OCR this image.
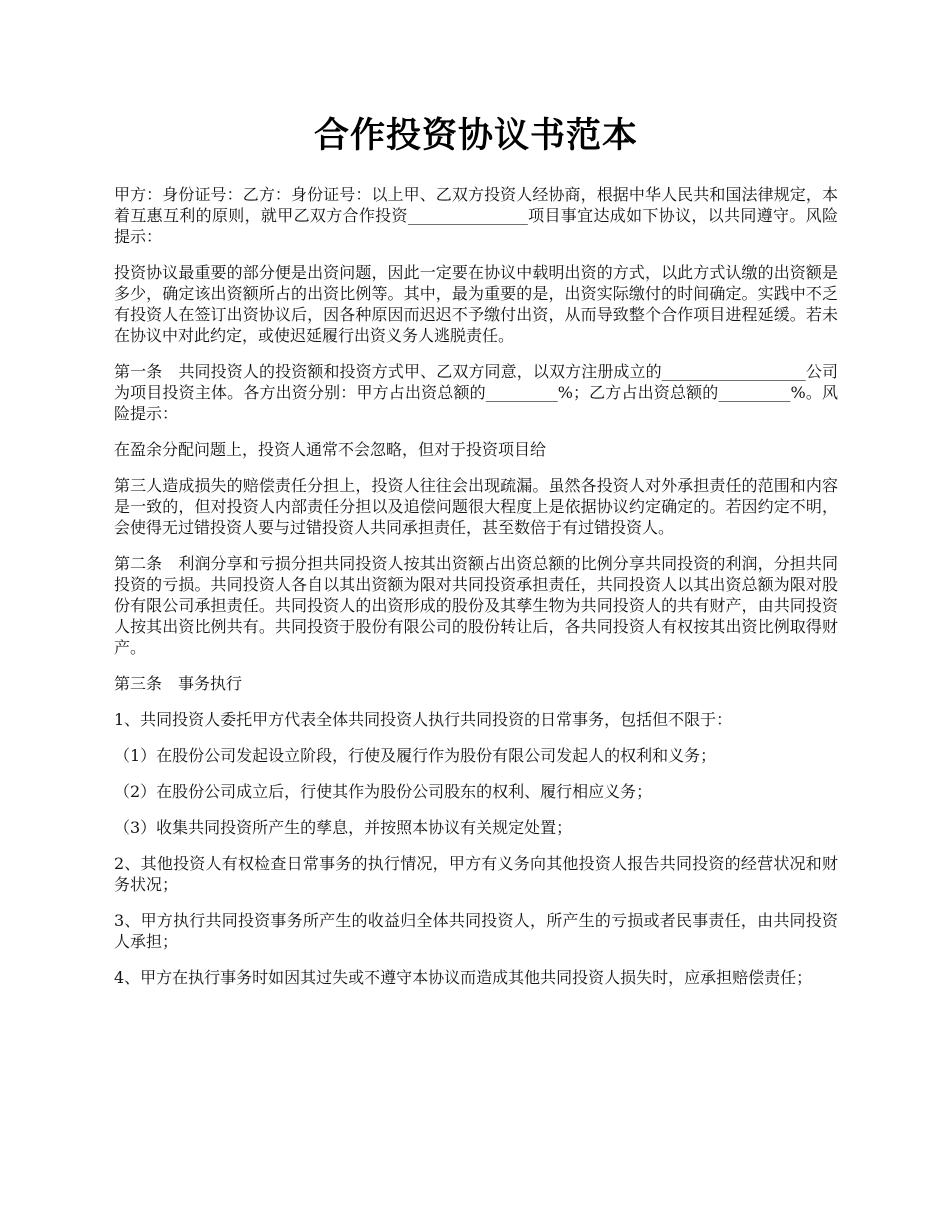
合作投资协议书范本

甲方：身份证号：乙方：身份证号：以上甲、乙双方投资人经协商，根据中华人民共和国法律规定，本着互惠互利的原则，就甲乙双方合作投资_______________项目事宜达成如下协议，以共同遵守。风险提示：

投资协议最重要的部分便是出资问题，因此一定要在协议中载明出资的方式，以此方式认缴的出资额是多少，确定该出资额所占的出资比例等。其中，最为重要的是，出资实际缴付的时间确定。实践中不乏有投资人在签订出资协议后，因各种原因而迟迟不予缴付出资，从而导致整个合作项目进程延缓。若未在协议中对此约定，或使迟延履行出资义务人逃脱责任。

第一条　共同投资人的投资额和投资方式甲、乙双方同意，以双方注册成立的__________________公司为项目投资主体。各方出资分别：甲方占出资总额的_________%；乙方占出资总额的_________%。风险提示：

在盈余分配问题上，投资人通常不会忽略，但对于投资项目给

第三人造成损失的赔偿责任分担上，投资人往往会出现疏漏。虽然各投资人对外承担责任的范围和内容是一致的，但对投资人内部责任分担以及追偿问题很大程度上是依据协议约定确定的。若因约定不明，会使得无过错投资人要与过错投资人共同承担责任，甚至数倍于有过错投资人。

第二条　利润分享和亏损分担共同投资人按其出资额占出资总额的比例分享共同投资的利润，分担共同投资的亏损。共同投资人各自以其出资额为限对共同投资承担责任，共同投资人以其出资总额为限对股份有限公司承担责任。共同投资人的出资形成的股份及其孳生物为共同投资人的共有财产，由共同投资人按其出资比例共有。共同投资于股份有限公司的股份转让后，各共同投资人有权按其出资比例取得财产。

第三条　事务执行

1、共同投资人委托甲方代表全体共同投资人执行共同投资的日常事务，包括但不限于：

（1）在股份公司发起设立阶段，行使及履行作为股份有限公司发起人的权利和义务；

（2）在股份公司成立后，行使其作为股份公司股东的权利、履行相应义务；

（3）收集共同投资所产生的孳息，并按照本协议有关规定处置；

2、其他投资人有权检查日常事务的执行情况，甲方有义务向其他投资人报告共同投资的经营状况和财务状况；

3、甲方执行共同投资事务所产生的收益归全体共同投资人，所产生的亏损或者民事责任，由共同投资人承担；

4、甲方在执行事务时如因其过失或不遵守本协议而造成其他共同投资人损失时，应承担赔偿责任；
